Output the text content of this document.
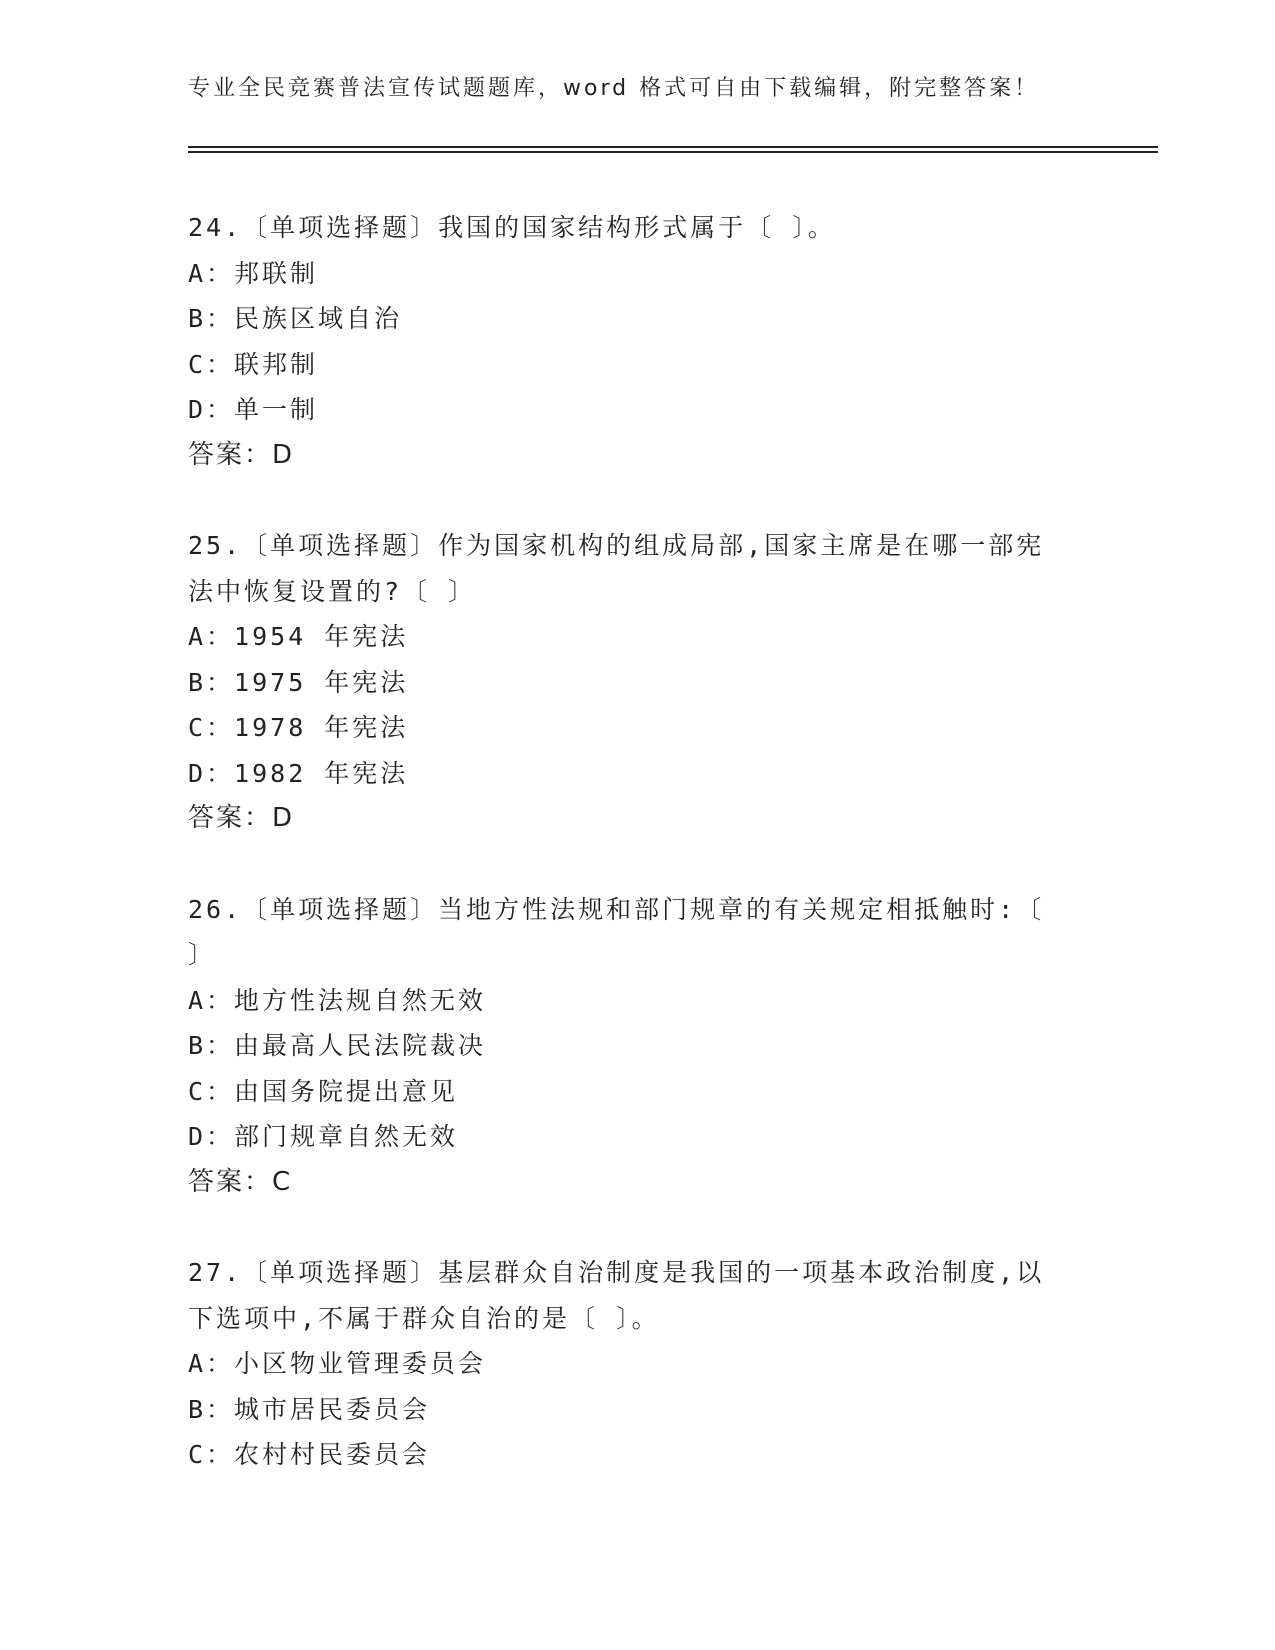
专业全民竞赛普法宣传试题题库，word 格式可自由下载编辑，附完整答案！

24.〔单项选择题〕我国的国家结构形式属于〔 〕。

A：邦联制

B：民族区域自治

C：联邦制

D：单一制

答案：D

25.〔单项选择题〕作为国家机构的组成局部,国家主席是在哪一部宪法中恢复设置的?〔 〕

A：1954 年宪法

B：1975 年宪法

C：1978 年宪法

D：1982 年宪法

答案：D

26.〔单项选择题〕当地方性法规和部门规章的有关规定相抵触时:〔 〕

A：地方性法规自然无效

B：由最高人民法院裁决

C：由国务院提出意见

D：部门规章自然无效

答案：C

27.〔单项选择题〕基层群众自治制度是我国的一项基本政治制度,以下选项中,不属于群众自治的是〔 〕。

A：小区物业管理委员会

B：城市居民委员会

C：农村村民委员会
